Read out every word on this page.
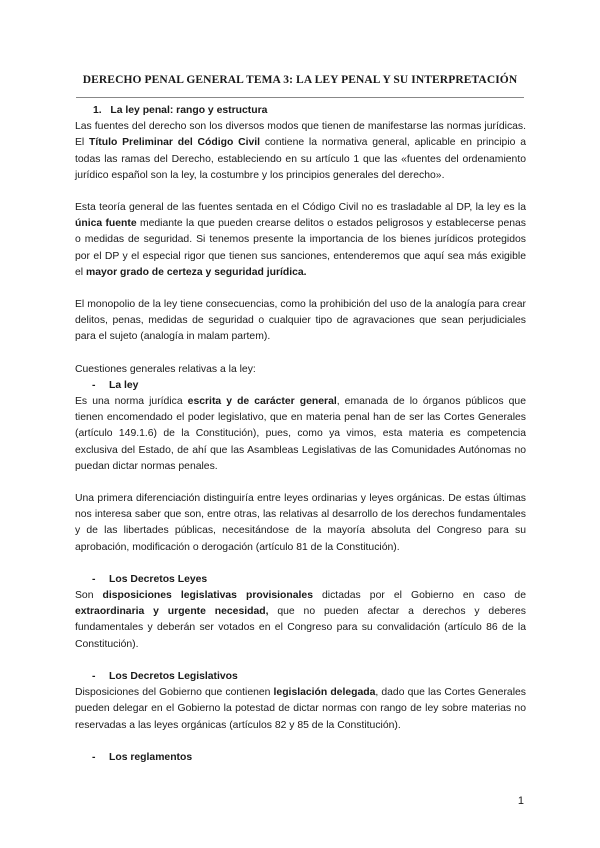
DERECHO PENAL GENERAL TEMA 3: LA LEY PENAL Y SU INTERPRETACIÓN

1. La ley penal: rango y estructura

Las fuentes del derecho son los diversos modos que tienen de manifestarse las normas jurídicas. El Título Preliminar del Código Civil contiene la normativa general, aplicable en principio a todas las ramas del Derecho, estableciendo en su artículo 1 que las «fuentes del ordenamiento jurídico español son la ley, la costumbre y los principios generales del derecho».

Esta teoría general de las fuentes sentada en el Código Civil no es trasladable al DP, la ley es la única fuente mediante la que pueden crearse delitos o estados peligrosos y establecerse penas o medidas de seguridad. Si tenemos presente la importancia de los bienes jurídicos protegidos por el DP y el especial rigor que tienen sus sanciones, entenderemos que aquí sea más exigible el mayor grado de certeza y seguridad jurídica.

El monopolio de la ley tiene consecuencias, como la prohibición del uso de la analogía para crear delitos, penas, medidas de seguridad o cualquier tipo de agravaciones que sean perjudiciales para el sujeto (analogía in malam partem).

Cuestiones generales relativas a la ley:

- La ley

Es una norma jurídica escrita y de carácter general, emanada de lo órganos públicos que tienen encomendado el poder legislativo, que en materia penal han de ser las Cortes Generales (artículo 149.1.6) de la Constitución), pues, como ya vimos, esta materia es competencia exclusiva del Estado, de ahí que las Asambleas Legislativas de las Comunidades Autónomas no puedan dictar normas penales.

Una primera diferenciación distinguiría entre leyes ordinarias y leyes orgánicas. De estas últimas nos interesa saber que son, entre otras, las relativas al desarrollo de los derechos fundamentales y de las libertades públicas, necesitándose de la mayoría absoluta del Congreso para su aprobación, modificación o derogación (artículo 81 de la Constitución).

- Los Decretos Leyes

Son disposiciones legislativas provisionales dictadas por el Gobierno en caso de extraordinaria y urgente necesidad, que no pueden afectar a derechos y deberes fundamentales y deberán ser votados en el Congreso para su convalidación (artículo 86 de la Constitución).

- Los Decretos Legislativos

Disposiciones del Gobierno que contienen legislación delegada, dado que las Cortes Generales pueden delegar en el Gobierno la potestad de dictar normas con rango de ley sobre materias no reservadas a las leyes orgánicas (artículos 82 y 85 de la Constitución).

- Los reglamentos

1
